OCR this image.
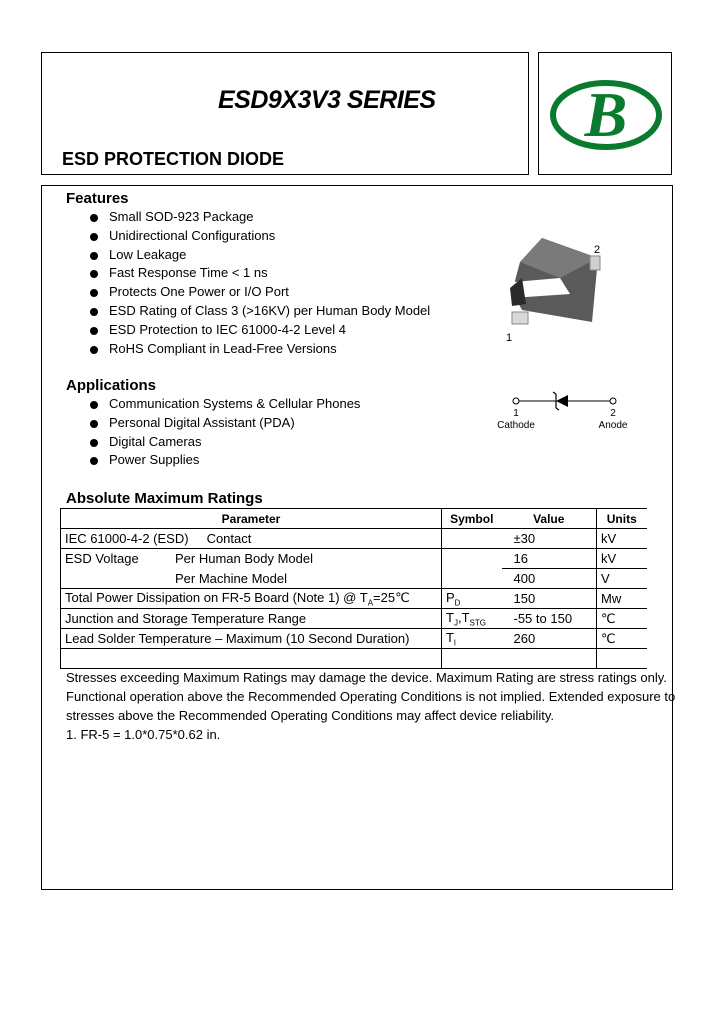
B
ESD9X3V3 SERIES
ESD PROTECTION DIODE
Features
Small SOD-923 Package
Unidirectional Configurations
Low Leakage
Fast Response Time < 1 ns
Protects One Power or I/O Port
ESD Rating of Class 3 (>16KV) per Human Body Model
ESD Protection to IEC 61000-4-2 Level 4
RoHS Compliant in Lead-Free Versions
2
1
Applications
Communication Systems & Cellular Phones
Personal Digital Assistant (PDA)
Digital Cameras
Power Supplies
1
Cathode
2
Anode
Absolute Maximum Ratings
Parameter	Symbol	Value	Units
IEC 61000-4-2 (ESD) Contact		±30	kV
ESD Voltage Per Human Body Model		16	kV
Per Machine Model		400	V
Total Power Dissipation on FR-5 Board (Note 1) @ $T_A=25℃$	$P_D$	150	Mw
Junction and Storage Temperature Range	$T_J,T_{STG}$	-55 to 150	℃
Lead Solder Temperature – Maximum (10 Second Duration)	$T_l$	260	℃

Stresses exceeding Maximum Ratings may damage the device. Maximum Rating are stress ratings only.

Functional operation above the Recommended Operating Conditions is not implied. Extended exposure to

stresses above the Recommended Operating Conditions may affect device reliability.

1. FR-5 = 1.0*0.75*0.62 in.
